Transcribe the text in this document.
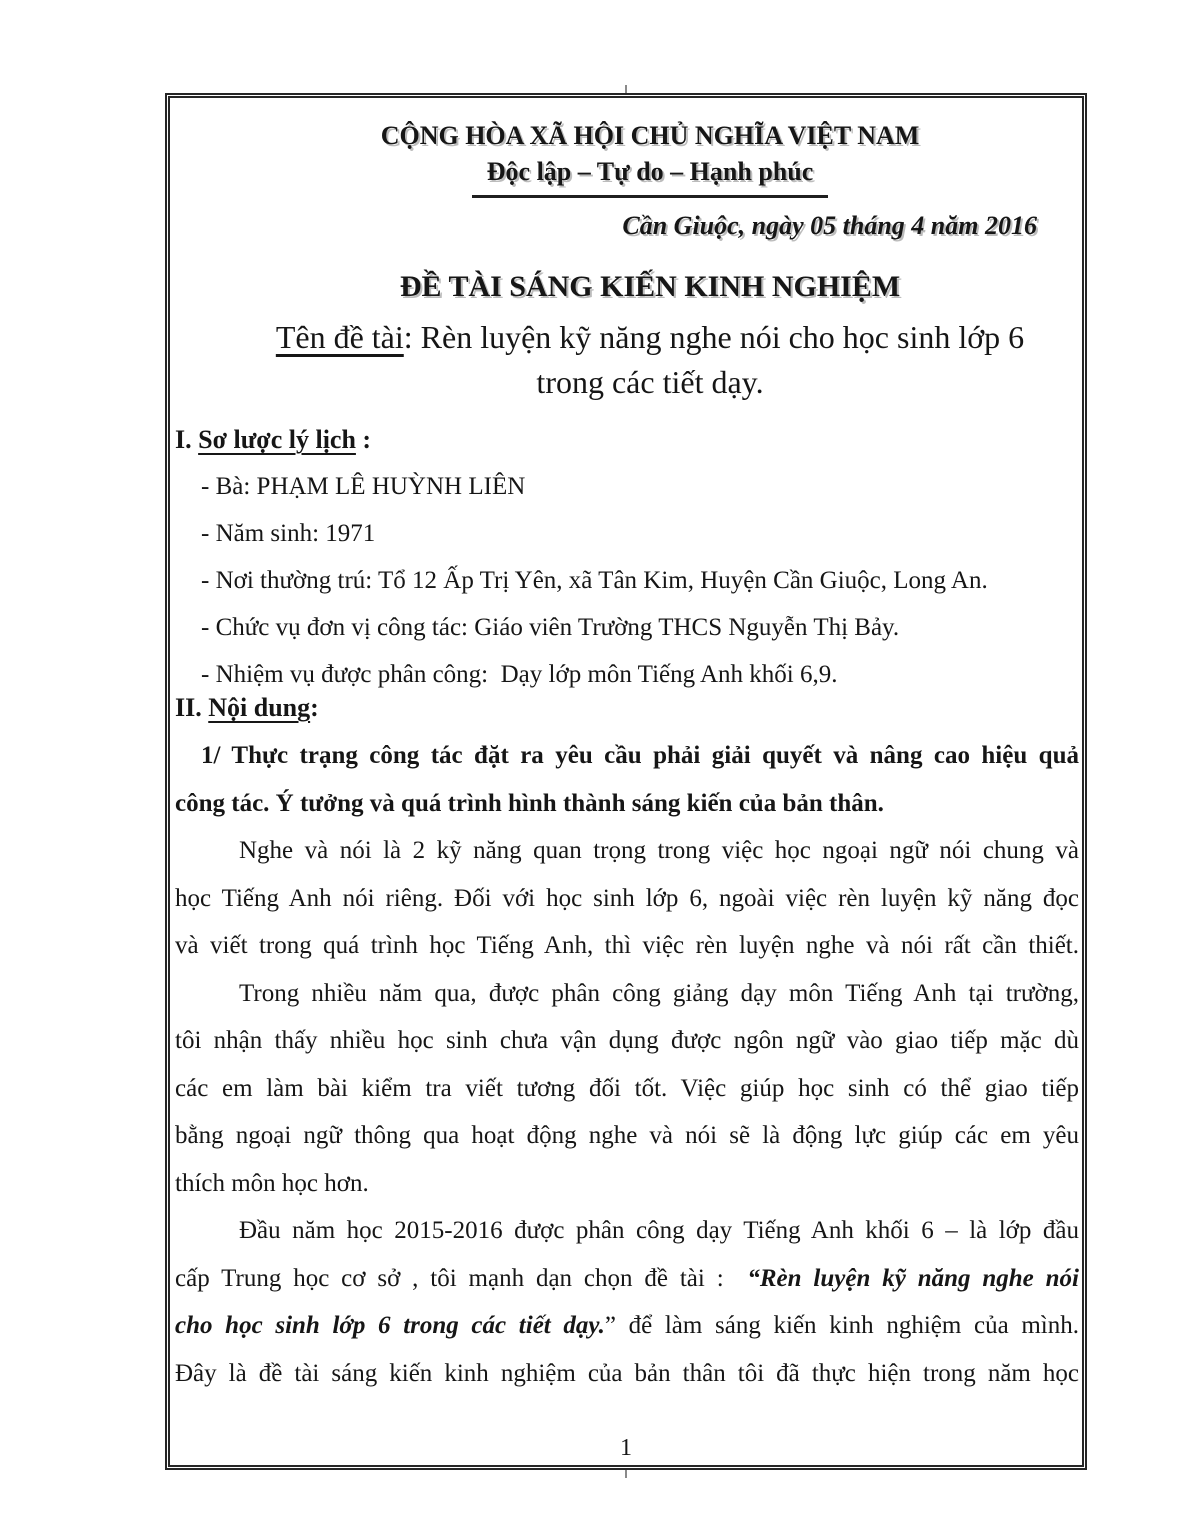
CỘNG HÒA XÃ HỘI CHỦ NGHĨA VIỆT NAM
Độc lập – Tự do – Hạnh phúc
Cần Giuộc, ngày 05 tháng 4 năm 2016
ĐỀ TÀI SÁNG KIẾN KINH NGHIỆM
Tên đề tài: Rèn luyện kỹ năng nghe nói cho học sinh lớp 6
trong các tiết dạy.
I. Sơ lược lý lịch :
- Bà: PHẠM LÊ HUỲNH LIÊN
- Năm sinh: 1971
- Nơi thường trú: Tổ 12 Ấp Trị Yên, xã Tân Kim, Huyện Cần Giuộc, Long An.
- Chức vụ đơn vị công tác: Giáo viên Trường THCS Nguyễn Thị Bảy.
- Nhiệm vụ được phân công:  Dạy lớp môn Tiếng Anh khối 6,9.
II. Nội dung:
1/ Thực trạng công tác đặt ra yêu cầu phải giải quyết và nâng cao hiệu quả
công tác. Ý tưởng và quá trình hình thành sáng kiến của bản thân.
Nghe và nói là 2 kỹ năng quan trọng trong việc học ngoại ngữ nói chung và
học Tiếng Anh nói riêng. Đối với học sinh lớp 6, ngoài việc rèn luyện kỹ năng đọc
và viết trong quá trình học Tiếng Anh, thì việc rèn luyện nghe và nói rất cần thiết.
Trong nhiều năm qua, được phân công giảng dạy môn Tiếng Anh tại trường,
tôi nhận thấy nhiều học sinh chưa vận dụng được ngôn ngữ vào giao tiếp mặc dù
các em làm bài kiểm tra viết tương đối tốt. Việc giúp học sinh có thể giao tiếp
bằng ngoại ngữ thông qua hoạt động nghe và nói sẽ là động lực giúp các em yêu
thích môn học hơn.
Đầu năm học 2015-2016 được phân công dạy Tiếng Anh khối 6 – là lớp đầu
cấp Trung học cơ sở , tôi mạnh dạn chọn đề tài :  “Rèn luyện kỹ năng nghe nói
cho học sinh lớp 6 trong các tiết dạy.” để làm sáng kiến kinh nghiệm của mình.
Đây là đề tài sáng kiến kinh nghiệm của bản thân tôi đã thực hiện trong năm học
1
